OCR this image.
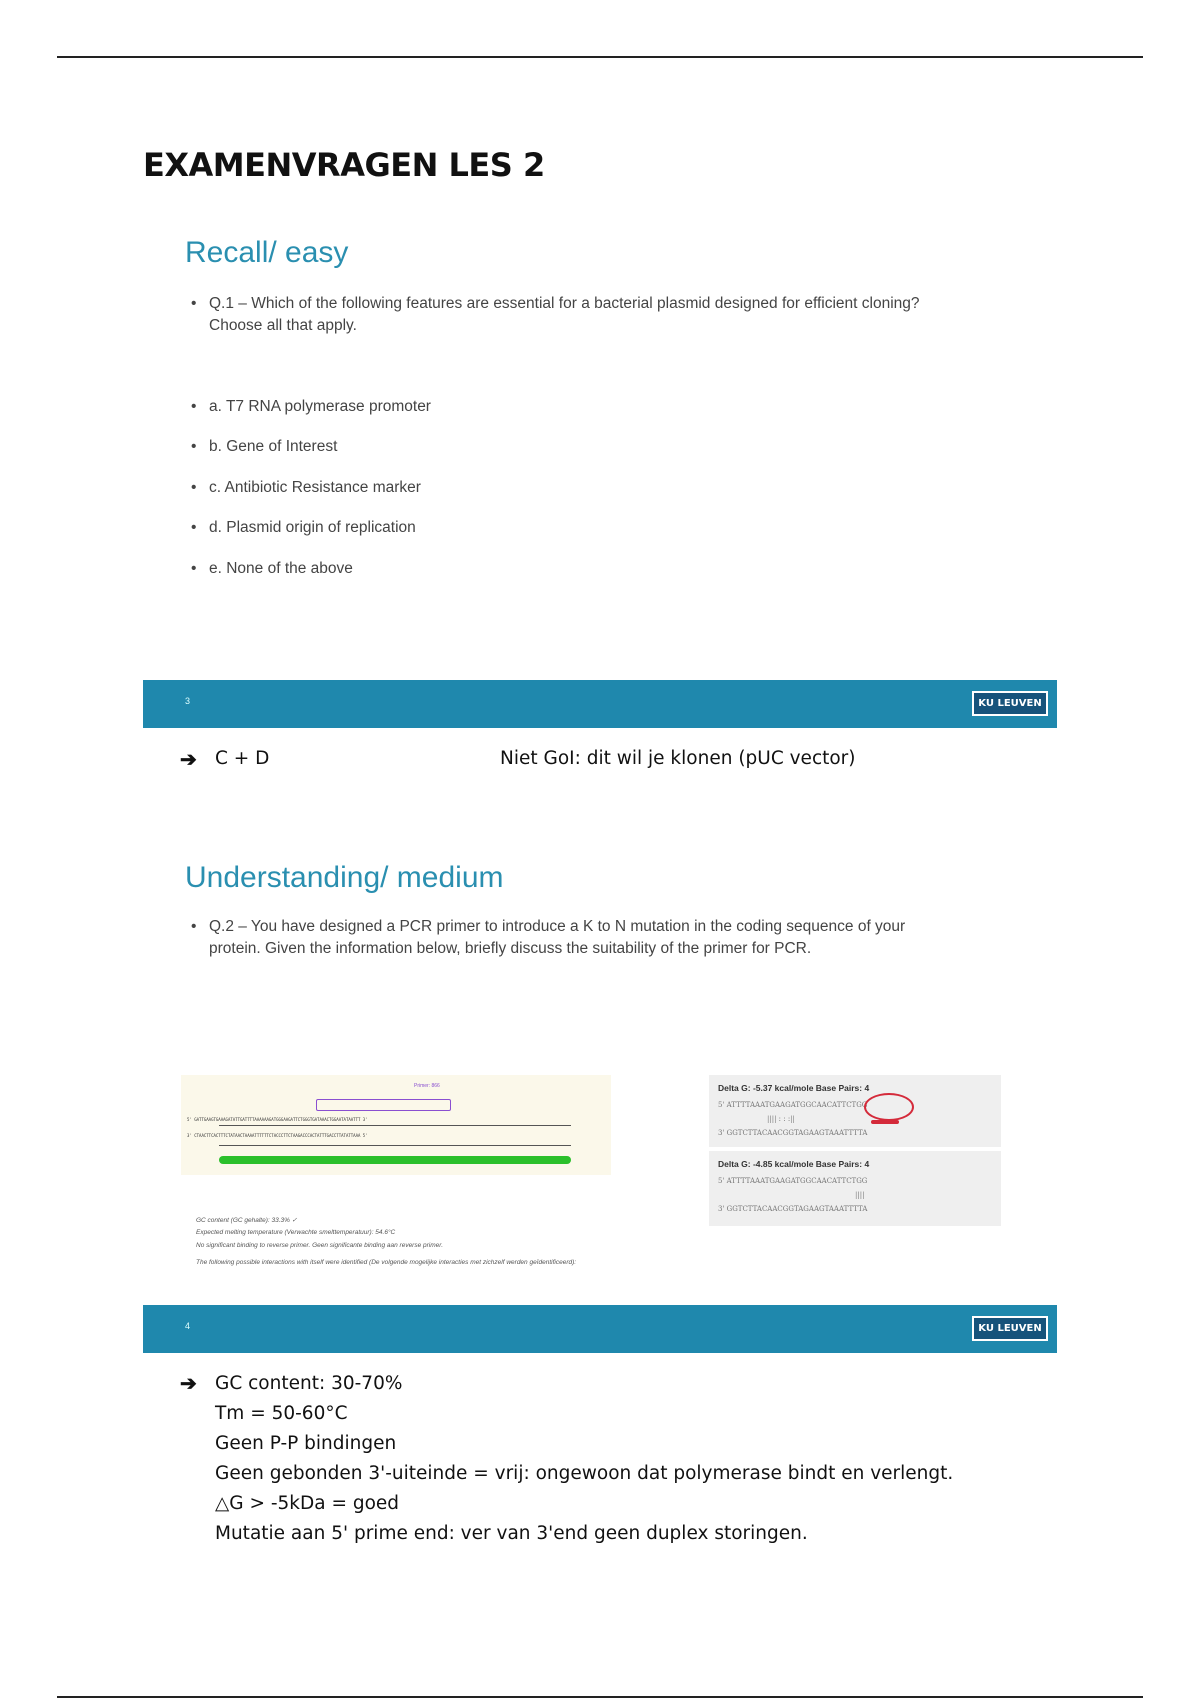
EXAMENVRAGEN LES 2
Recall/ easy
• Q.1 – Which of the following features are essential for a bacterial plasmid designed for efficient cloning?
Choose all that apply.
• a. T7 RNA polymerase promoter
• b. Gene of Interest
• c. Antibiotic Resistance marker
• d. Plasmid origin of replication
• e. None of the above
3	KU LEUVEN
➔ C + D	Niet GoI: dit wil je klonen (pUC vector)
Understanding/ medium
• Q.2 – You have designed a PCR primer to introduce a K to N mutation in the coding sequence of your
protein. Given the information below, briefly discuss the suitability of the primer for PCR.
4	KU LEUVEN
Primer: 866
5' GATTGAAGTGAAAGATATTGATTTTAAAAAAGATGGGAAGATTCTGGGTGATAAACTGGAATATAATTT 3'
3' CTAACTTCACTTTCTATAACTAAAATTTTTTCTACCCTTCTAAGACCCACTATTTGACCTTATATTAAA 5'
GC content (GC gehalte): 33.3% ✓
Expected melting temperature (Verwachte smelttemperatuur): 54.6°C
No significant binding to reverse primer. Geen significante binding aan reverse primer.
The following possible interactions with itself were identified (De volgende mogelijke interacties met zichzelf werden geïdentificeerd):
Delta G: -5.37 kcal/mole Base Pairs: 4
5' ATTTTAAATGAAGATGGCAACATTCTGG
|||| : : :||
3' GGTCTTACAACGGTAGAAGTAAATTTTA
Delta G: -4.85 kcal/mole Base Pairs: 4
5' ATTTTAAATGAAGATGGCAACATTCTGG
||||
3' GGTCTTACAACGGTAGAAGTAAATTTTA
➔ GC content: 30-70%
Tm = 50-60°C
Geen P-P bindingen
Geen gebonden 3'-uiteinde = vrij: ongewoon dat polymerase bindt en verlengt.
△G > -5kDa = goed
Mutatie aan 5' prime end: ver van 3'end geen duplex storingen.
